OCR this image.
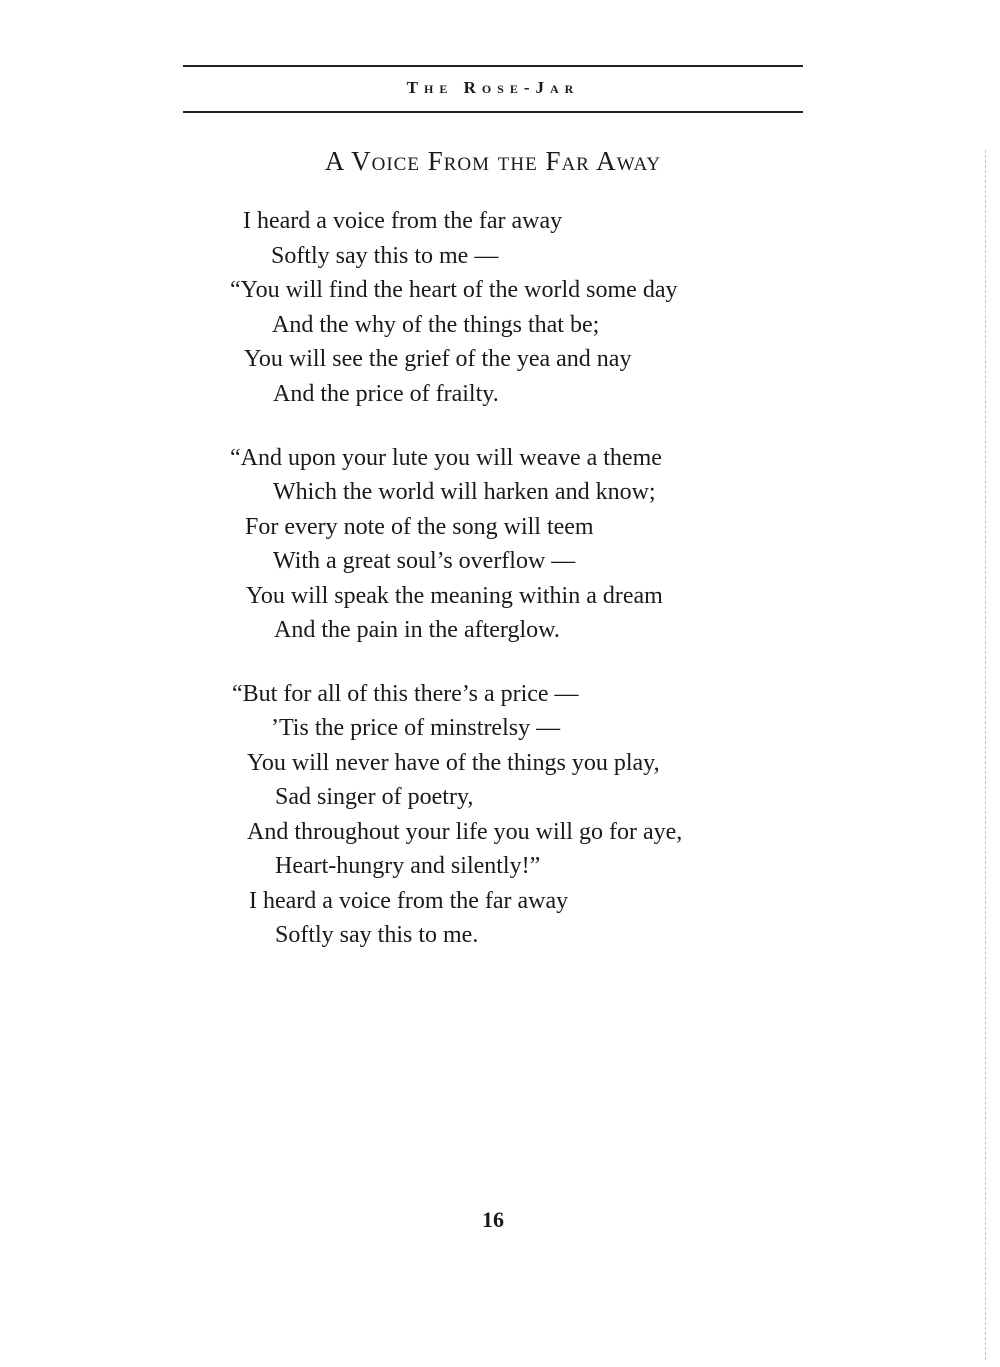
The Rose-Jar
A Voice From the Far Away
I heard a voice from the far away
Softly say this to me —
“You will find the heart of the world some day
And the why of the things that be;
You will see the grief of the yea and nay
And the price of frailty.
“And upon your lute you will weave a theme
Which the world will harken and know;
For every note of the song will teem
With a great soul’s overflow —
You will speak the meaning within a dream
And the pain in the afterglow.
“But for all of this there’s a price —
’Tis the price of minstrelsy —
You will never have of the things you play,
Sad singer of poetry,
And throughout your life you will go for aye,
Heart-hungry and silently!”
I heard a voice from the far away
Softly say this to me.
16
